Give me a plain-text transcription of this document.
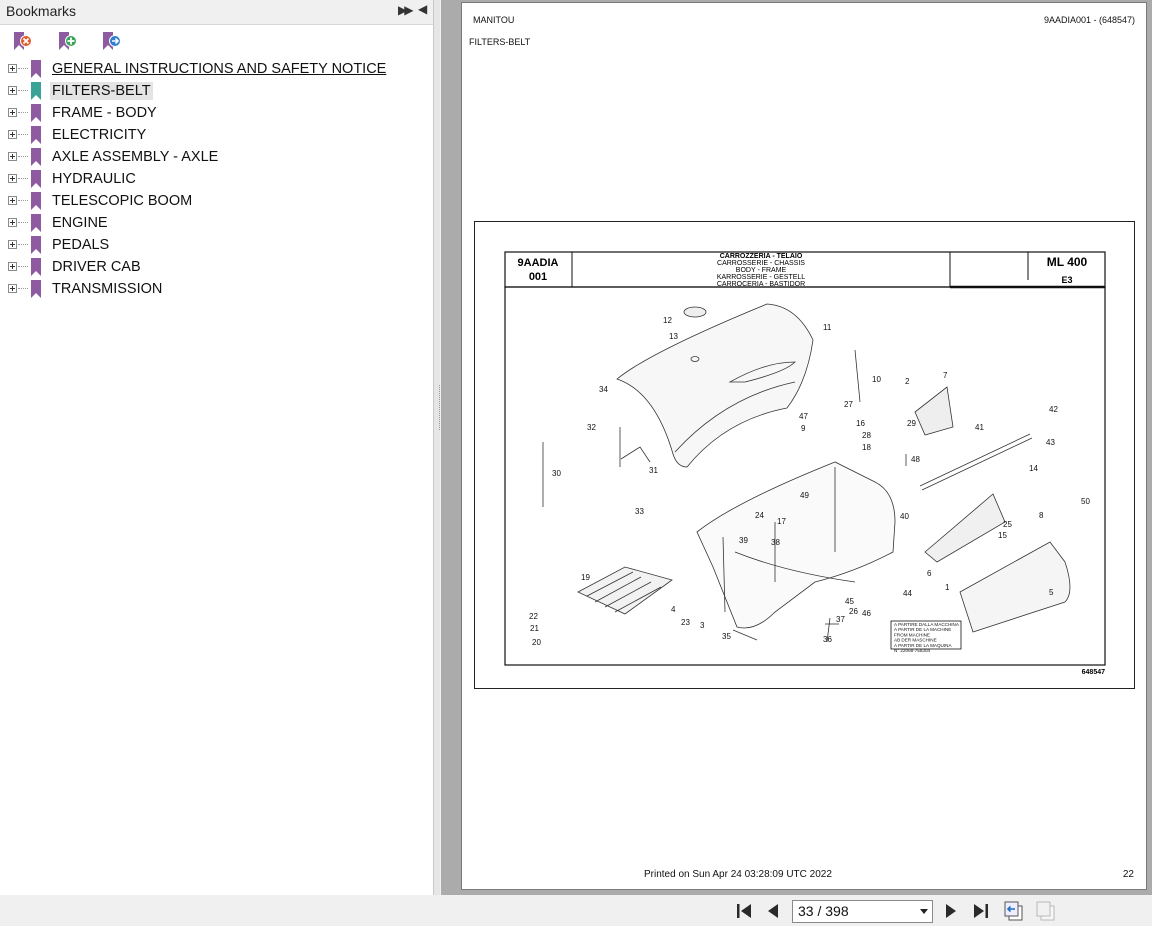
Bookmarks	▶▶ ◀
GENERAL INSTRUCTIONS AND SAFETY NOTICE
FILTERS-BELT
FRAME - BODY
ELECTRICITY
AXLE ASSEMBLY - AXLE
HYDRAULIC
TELESCOPIC BOOM
ENGINE
PEDALS
DRIVER CAB
TRANSMISSION
MANITOU	9AADIA001 - (648547)
FILTERS-BELT
Printed on Sun Apr 24 03:28:09 UTC 2022	22
9AADIA
001
CARROZZERIA - TELAIO
CARROSSERIE - CHASSIS
BODY - FRAME
KARROSSERIE - GESTELL
CARROCERIA - BASTIDOR
ML 400
E3
1
2
3
4
5
6
7
8
9
10
11
12
13
14
15
16
17
18
19
20
21
22
23
24
25
26
27
28
29
30	31
32
33
34
35	36
37
38
39
40
41
42
43
44
45
46
47
48
49
50
A PARTIRE DALLA MACCHINA
A PARTIR DE LA MACHINE
FROM MACHINE
AB DER MASCHINE
A PARTIR DE LA MAQUINA
N° 22068-758304
648547
33 / 398
